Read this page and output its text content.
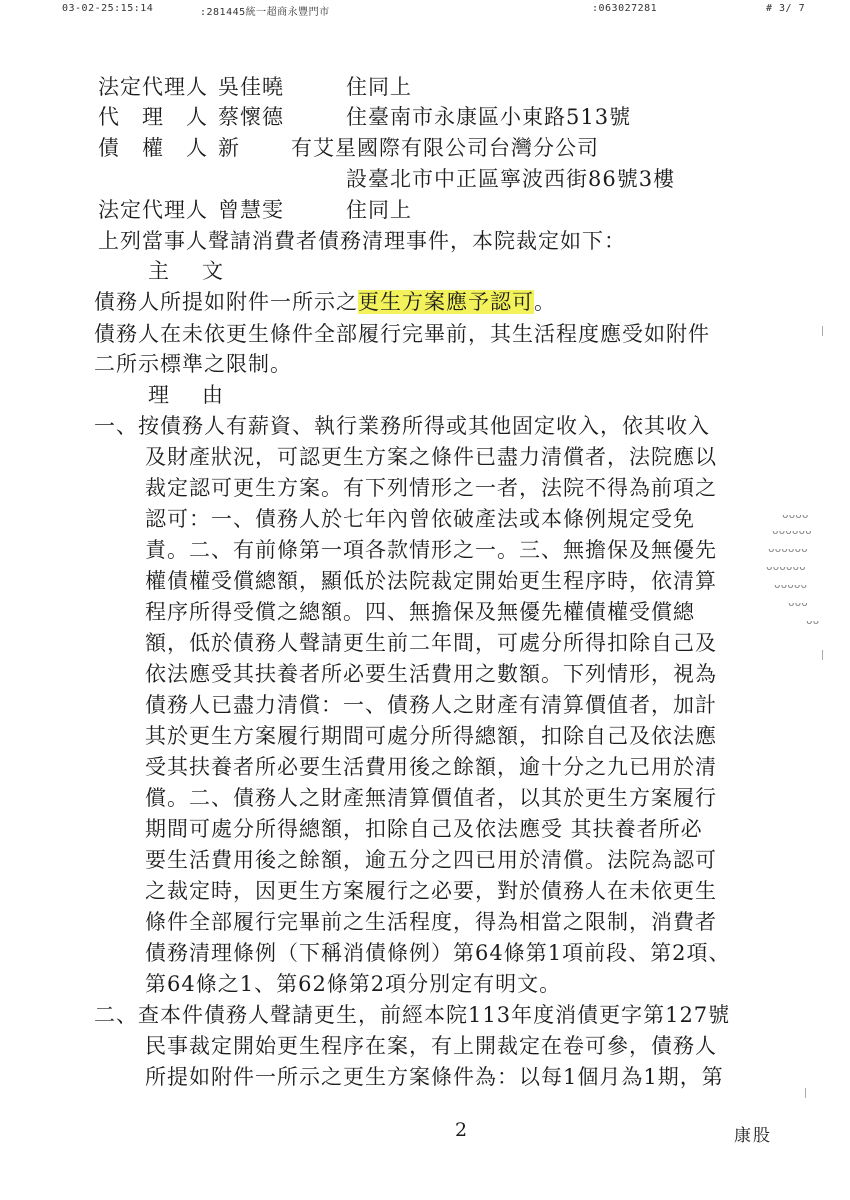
03-02-25:15:14	:281445統一超商永豐門市	:063027281	# 3/ 7
法定代理人 吳佳曉	住同上
代　理　人 蔡懷德	住臺南市永康區小東路513號
債　權　人 新 有艾星國際有限公司台灣分公司
設臺北市中正區寧波西街86號3樓
法定代理人 曾慧雯	住同上
上列當事人聲請消費者債務清理事件，本院裁定如下：
主　文
債務人所提如附件一所示之更生方案應予認可。
債務人在未依更生條件全部履行完畢前，其生活程度應受如附件
二所示標準之限制。
理　由
一、按債務人有薪資、執行業務所得或其他固定收入，依其收入
及財產狀況，可認更生方案之條件已盡力清償者，法院應以
裁定認可更生方案。有下列情形之一者，法院不得為前項之
認可：一、債務人於七年內曾依破產法或本條例規定受免
責。二、有前條第一項各款情形之一。三、無擔保及無優先
權債權受償總額，顯低於法院裁定開始更生程序時，依清算
程序所得受償之總額。四、無擔保及無優先權債權受償總
額，低於債務人聲請更生前二年間，可處分所得扣除自己及
依法應受其扶養者所必要生活費用之數額。下列情形，視為
債務人已盡力清償：一、債務人之財產有清算價值者，加計
其於更生方案履行期間可處分所得總額，扣除自己及依法應
受其扶養者所必要生活費用後之餘額，逾十分之九已用於清
償。二、債務人之財產無清算價值者，以其於更生方案履行
期間可處分所得總額，扣除自己及依法應受 其扶養者所必
要生活費用後之餘額，逾五分之四已用於清償。法院為認可
之裁定時，因更生方案履行之必要，對於債務人在未依更生
條件全部履行完畢前之生活程度，得為相當之限制，消費者
債務清理條例（下稱消債條例）第64條第1項前段、第2項、
第64條之1、第62條第2項分別定有明文。
二、查本件債務人聲請更生，前經本院113年度消債更字第127號
民事裁定開始更生程序在案，有上開裁定在卷可參，債務人
所提如附件一所示之更生方案條件為：以每1個月為1期，第
2	康股
ᴗᴗᴗᴗ
ᴗᴗᴗᴗᴗᴗ
ᴗᴗᴗᴗᴗᴗ
ᴗᴗᴗᴗᴗᴗ
ᴗᴗᴗᴗᴗ
ᴗᴗᴗ
ᴗᴗ
